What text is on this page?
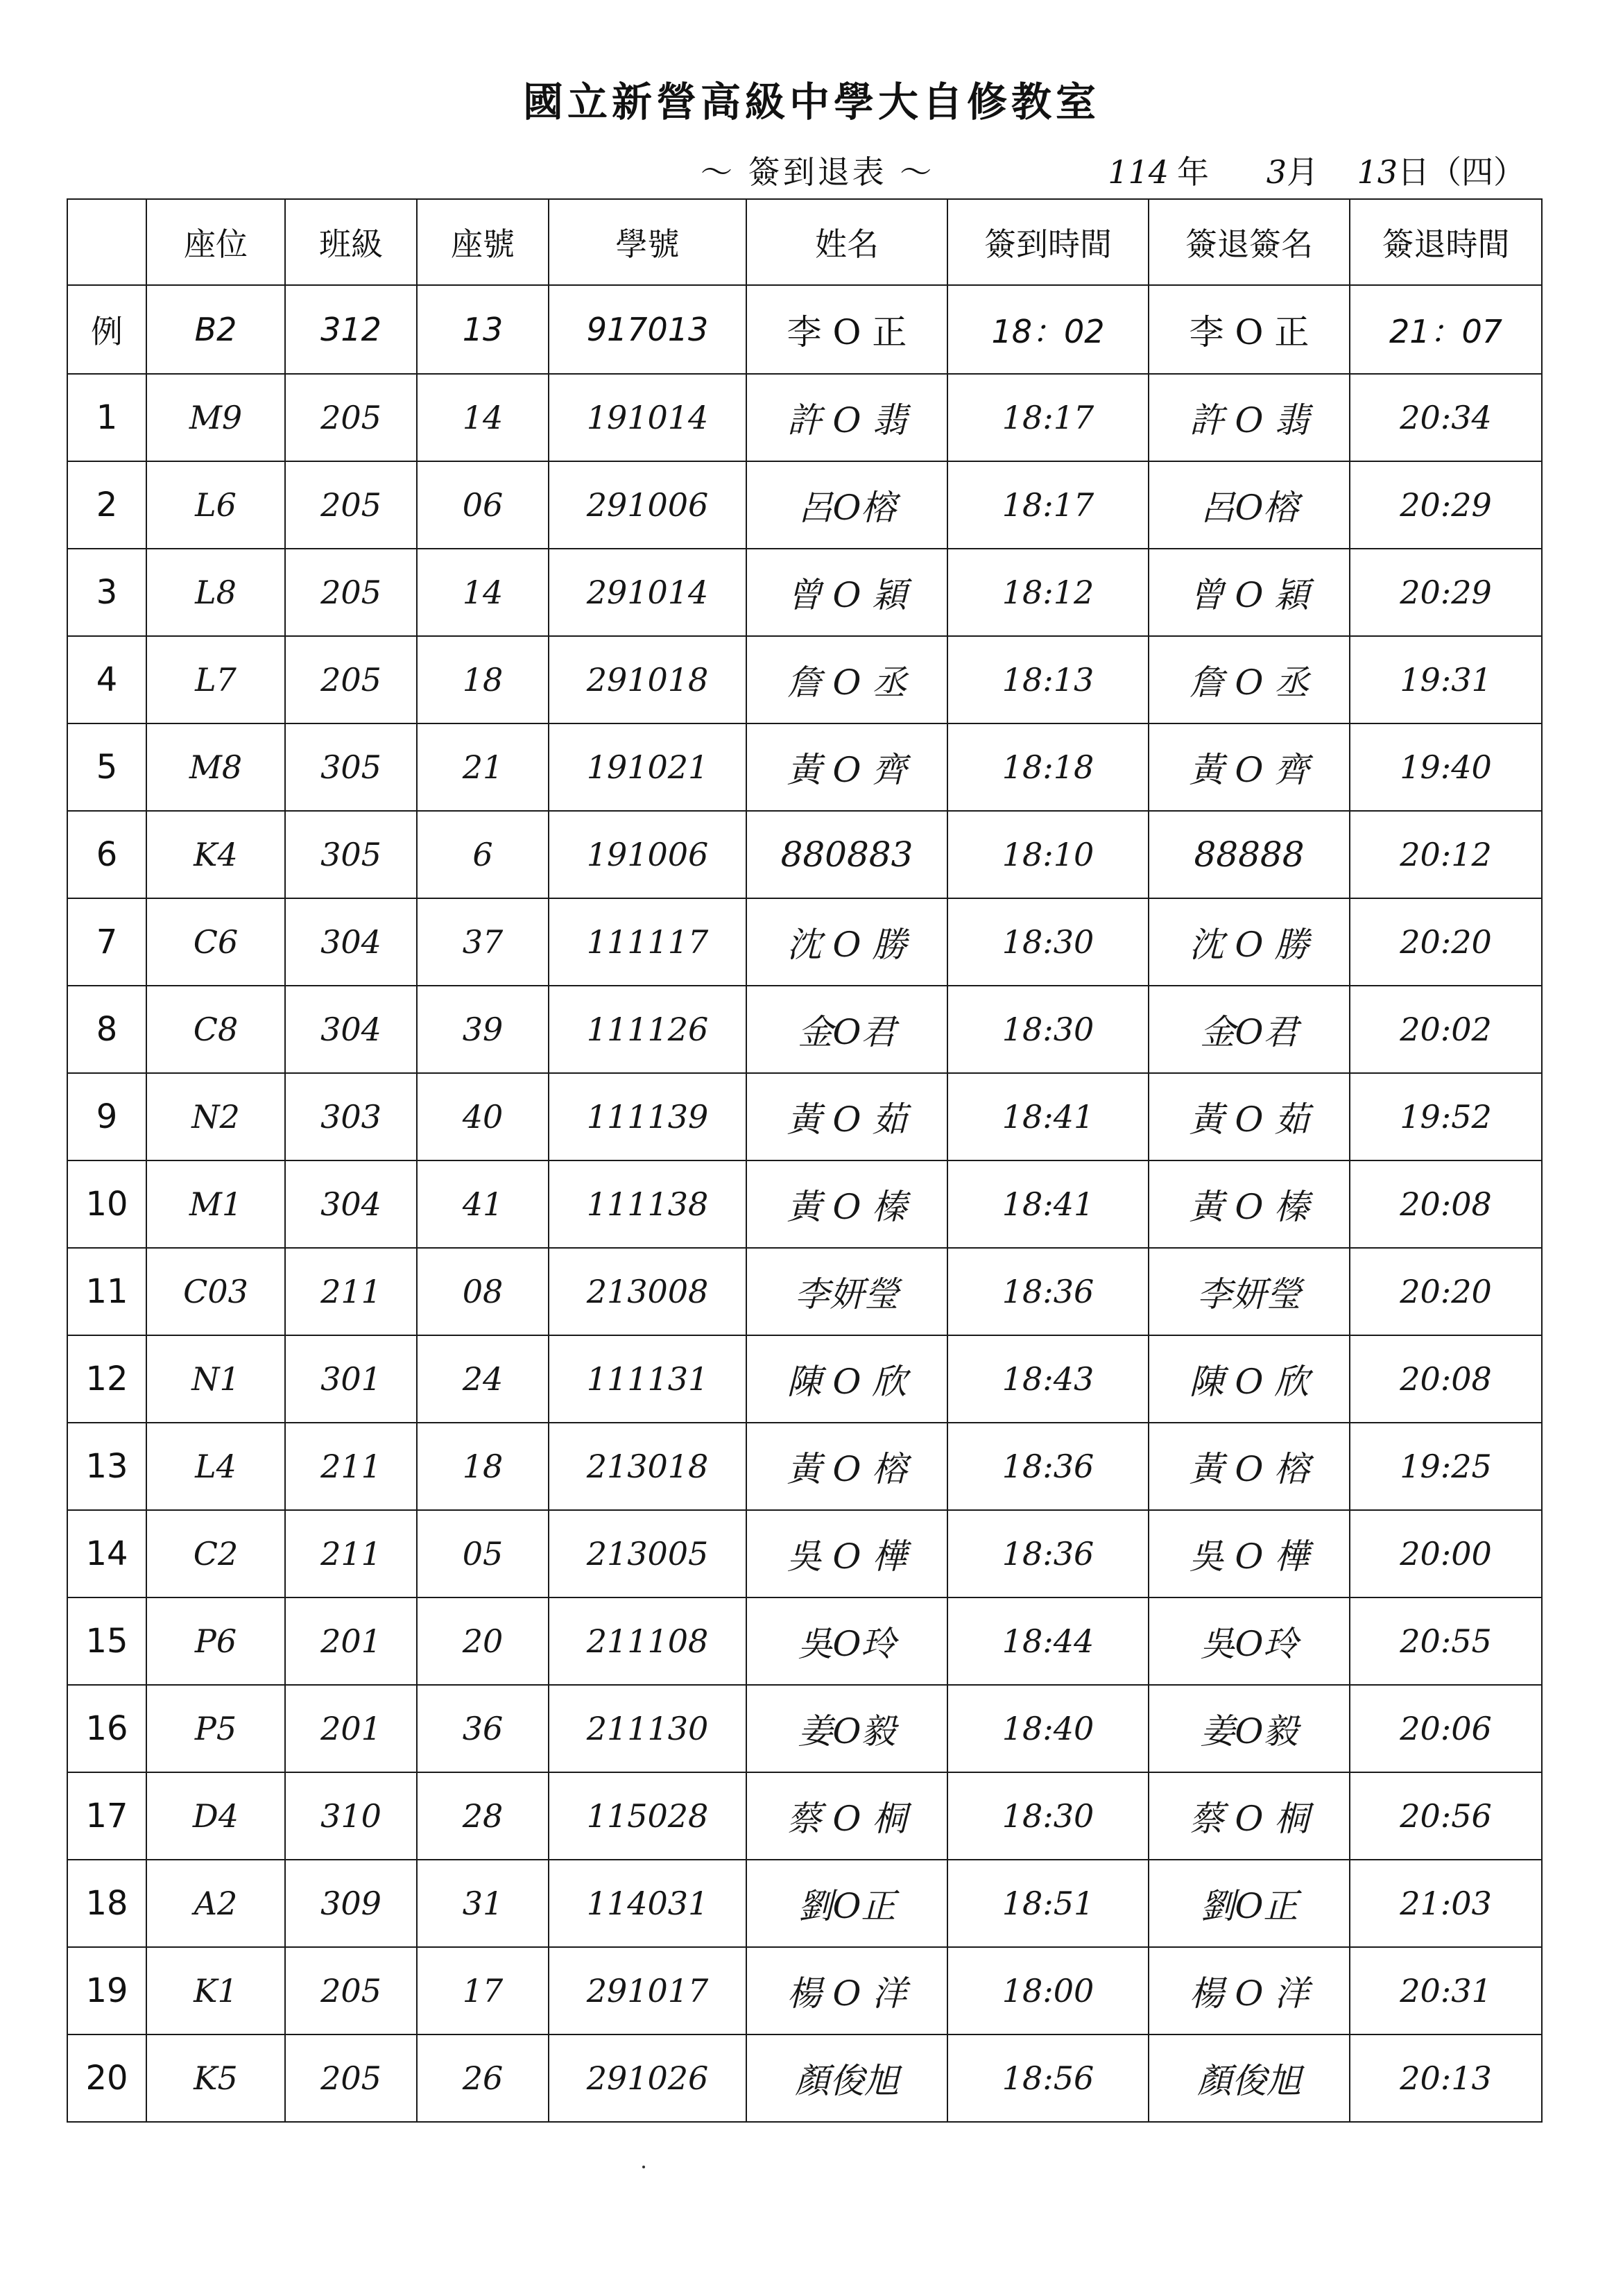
國立新營高級中學大自修教室
～ 簽到退表 ～	114 年 3月 13日（四）
	座位	班級	座號	學號	姓名	簽到時間	簽退簽名	簽退時間
例	B2	312	13	917013	李 O 正	18：02	李 O 正	21：07
1	M9	205	14	191014	許 O 翡	18:17	許 O 翡	20:34
2	L6	205	06	291006	呂O榕	18:17	呂O榕	20:29
3	L8	205	14	291014	曾 O 穎	18:12	曾 O 穎	20:29
4	L7	205	18	291018	詹 O 丞	18:13	詹 O 丞	19:31
5	M8	305	21	191021	黃 O 齊	18:18	黃 O 齊	19:40
6	K4	305	6	191006	880883	18:10	88888	20:12
7	C6	304	37	111117	沈 O 勝	18:30	沈 O 勝	20:20
8	C8	304	39	111126	金O君	18:30	金O君	20:02
9	N2	303	40	111139	黃 O 茹	18:41	黃 O 茹	19:52
10	M1	304	41	111138	黃 O 榛	18:41	黃 O 榛	20:08
11	C03	211	08	213008	李妍瑩	18:36	李妍瑩	20:20
12	N1	301	24	111131	陳 O 欣	18:43	陳 O 欣	20:08
13	L4	211	18	213018	黃 O 榕	18:36	黃 O 榕	19:25
14	C2	211	05	213005	吳 O 樺	18:36	吳 O 樺	20:00
15	P6	201	20	211108	吳O玲	18:44	吳O玲	20:55
16	P5	201	36	211130	姜O毅	18:40	姜O毅	20:06
17	D4	310	28	115028	蔡 O 桐	18:30	蔡 O 桐	20:56
18	A2	309	31	114031	劉O正	18:51	劉O正	21:03
19	K1	205	17	291017	楊 O 洋	18:00	楊 O 洋	20:31
20	K5	205	26	291026	顏俊旭	18:56	顏俊旭	20:13
